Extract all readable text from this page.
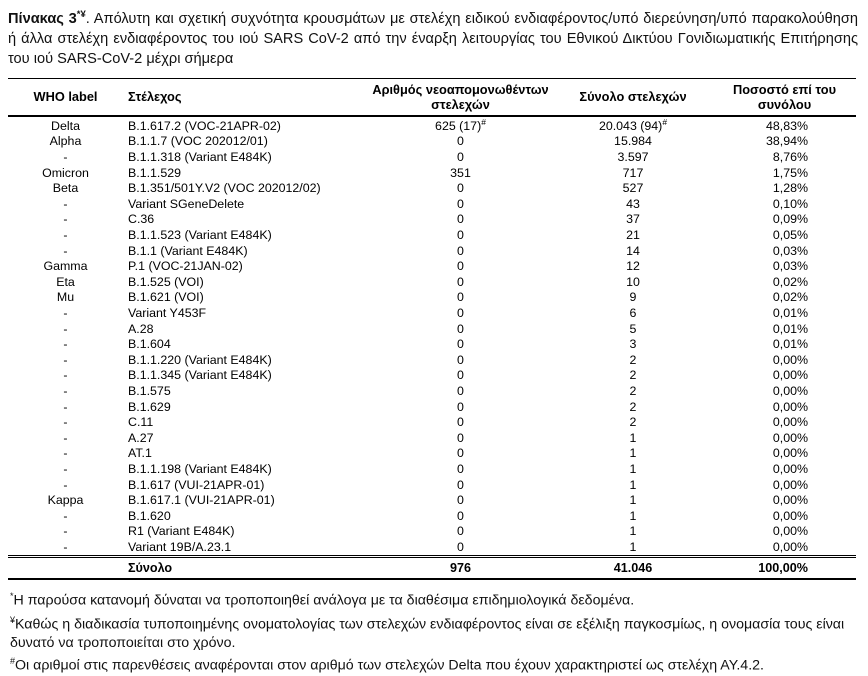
Πίνακας 3*¥. Απόλυτη και σχετική συχνότητα κρουσμάτων με στελέχη ειδικού ενδιαφέροντος/υπό διερεύνηση/υπό παρακολούθηση ή άλλα στελέχη ενδιαφέροντος του ιού SARS CoV-2 από την έναρξη λειτουργίας του Εθνικού Δικτύου Γονιδιωματικής Επιτήρησης του ιού SARS-CoV-2 μέχρι σήμερα

WHO label	Στέλεχος	Αριθμός νεοαπομονωθέντων στελεχών	Σύνολο στελεχών	Ποσοστό επί του συνόλου
Delta	B.1.617.2 (VOC-21APR-02)	625 (17)#	20.043 (94)#	48,83%
Alpha	B.1.1.7 (VOC 202012/01)	0	15.984	38,94%
-	B.1.1.318 (Variant E484K)	0	3.597	8,76%
Omicron	B.1.1.529	351	717	1,75%
Beta	B.1.351/501Y.V2 (VOC 202012/02)	0	527	1,28%
-	Variant SGeneDelete	0	43	0,10%
-	C.36	0	37	0,09%
-	B.1.1.523 (Variant E484K)	0	21	0,05%
-	B.1.1 (Variant E484K)	0	14	0,03%
Gamma	P.1 (VOC-21JAN-02)	0	12	0,03%
Eta	B.1.525 (VOI)	0	10	0,02%
Mu	B.1.621 (VOI)	0	9	0,02%
-	Variant Y453F	0	6	0,01%
-	A.28	0	5	0,01%
-	B.1.604	0	3	0,01%
-	B.1.1.220 (Variant E484K)	0	2	0,00%
-	B.1.1.345 (Variant E484K)	0	2	0,00%
-	B.1.575	0	2	0,00%
-	B.1.629	0	2	0,00%
-	C.11	0	2	0,00%
-	A.27	0	1	0,00%
-	AT.1	0	1	0,00%
-	B.1.1.198 (Variant E484K)	0	1	0,00%
-	B.1.617 (VUI-21APR-01)	0	1	0,00%
Kappa	B.1.617.1 (VUI-21APR-01)	0	1	0,00%
-	B.1.620	0	1	0,00%
-	R1 (Variant E484K)	0	1	0,00%
-	Variant 19B/A.23.1	0	1	0,00%
	Σύνολο	976	41.046	100,00%

*Η παρούσα κατανομή δύναται να τροποποιηθεί ανάλογα με τα διαθέσιμα επιδημιολογικά δεδομένα.

¥Καθώς η διαδικασία τυποποιημένης ονοματολογίας των στελεχών ενδιαφέροντος είναι σε εξέλιξη παγκοσμίως, η ονομασία τους είναι δυνατό να τροποποιείται στο χρόνο.

#Οι αριθμοί στις παρενθέσεις αναφέρονται στον αριθμό των στελεχών Delta που έχουν χαρακτηριστεί ως στελέχη ΑΥ.4.2.
